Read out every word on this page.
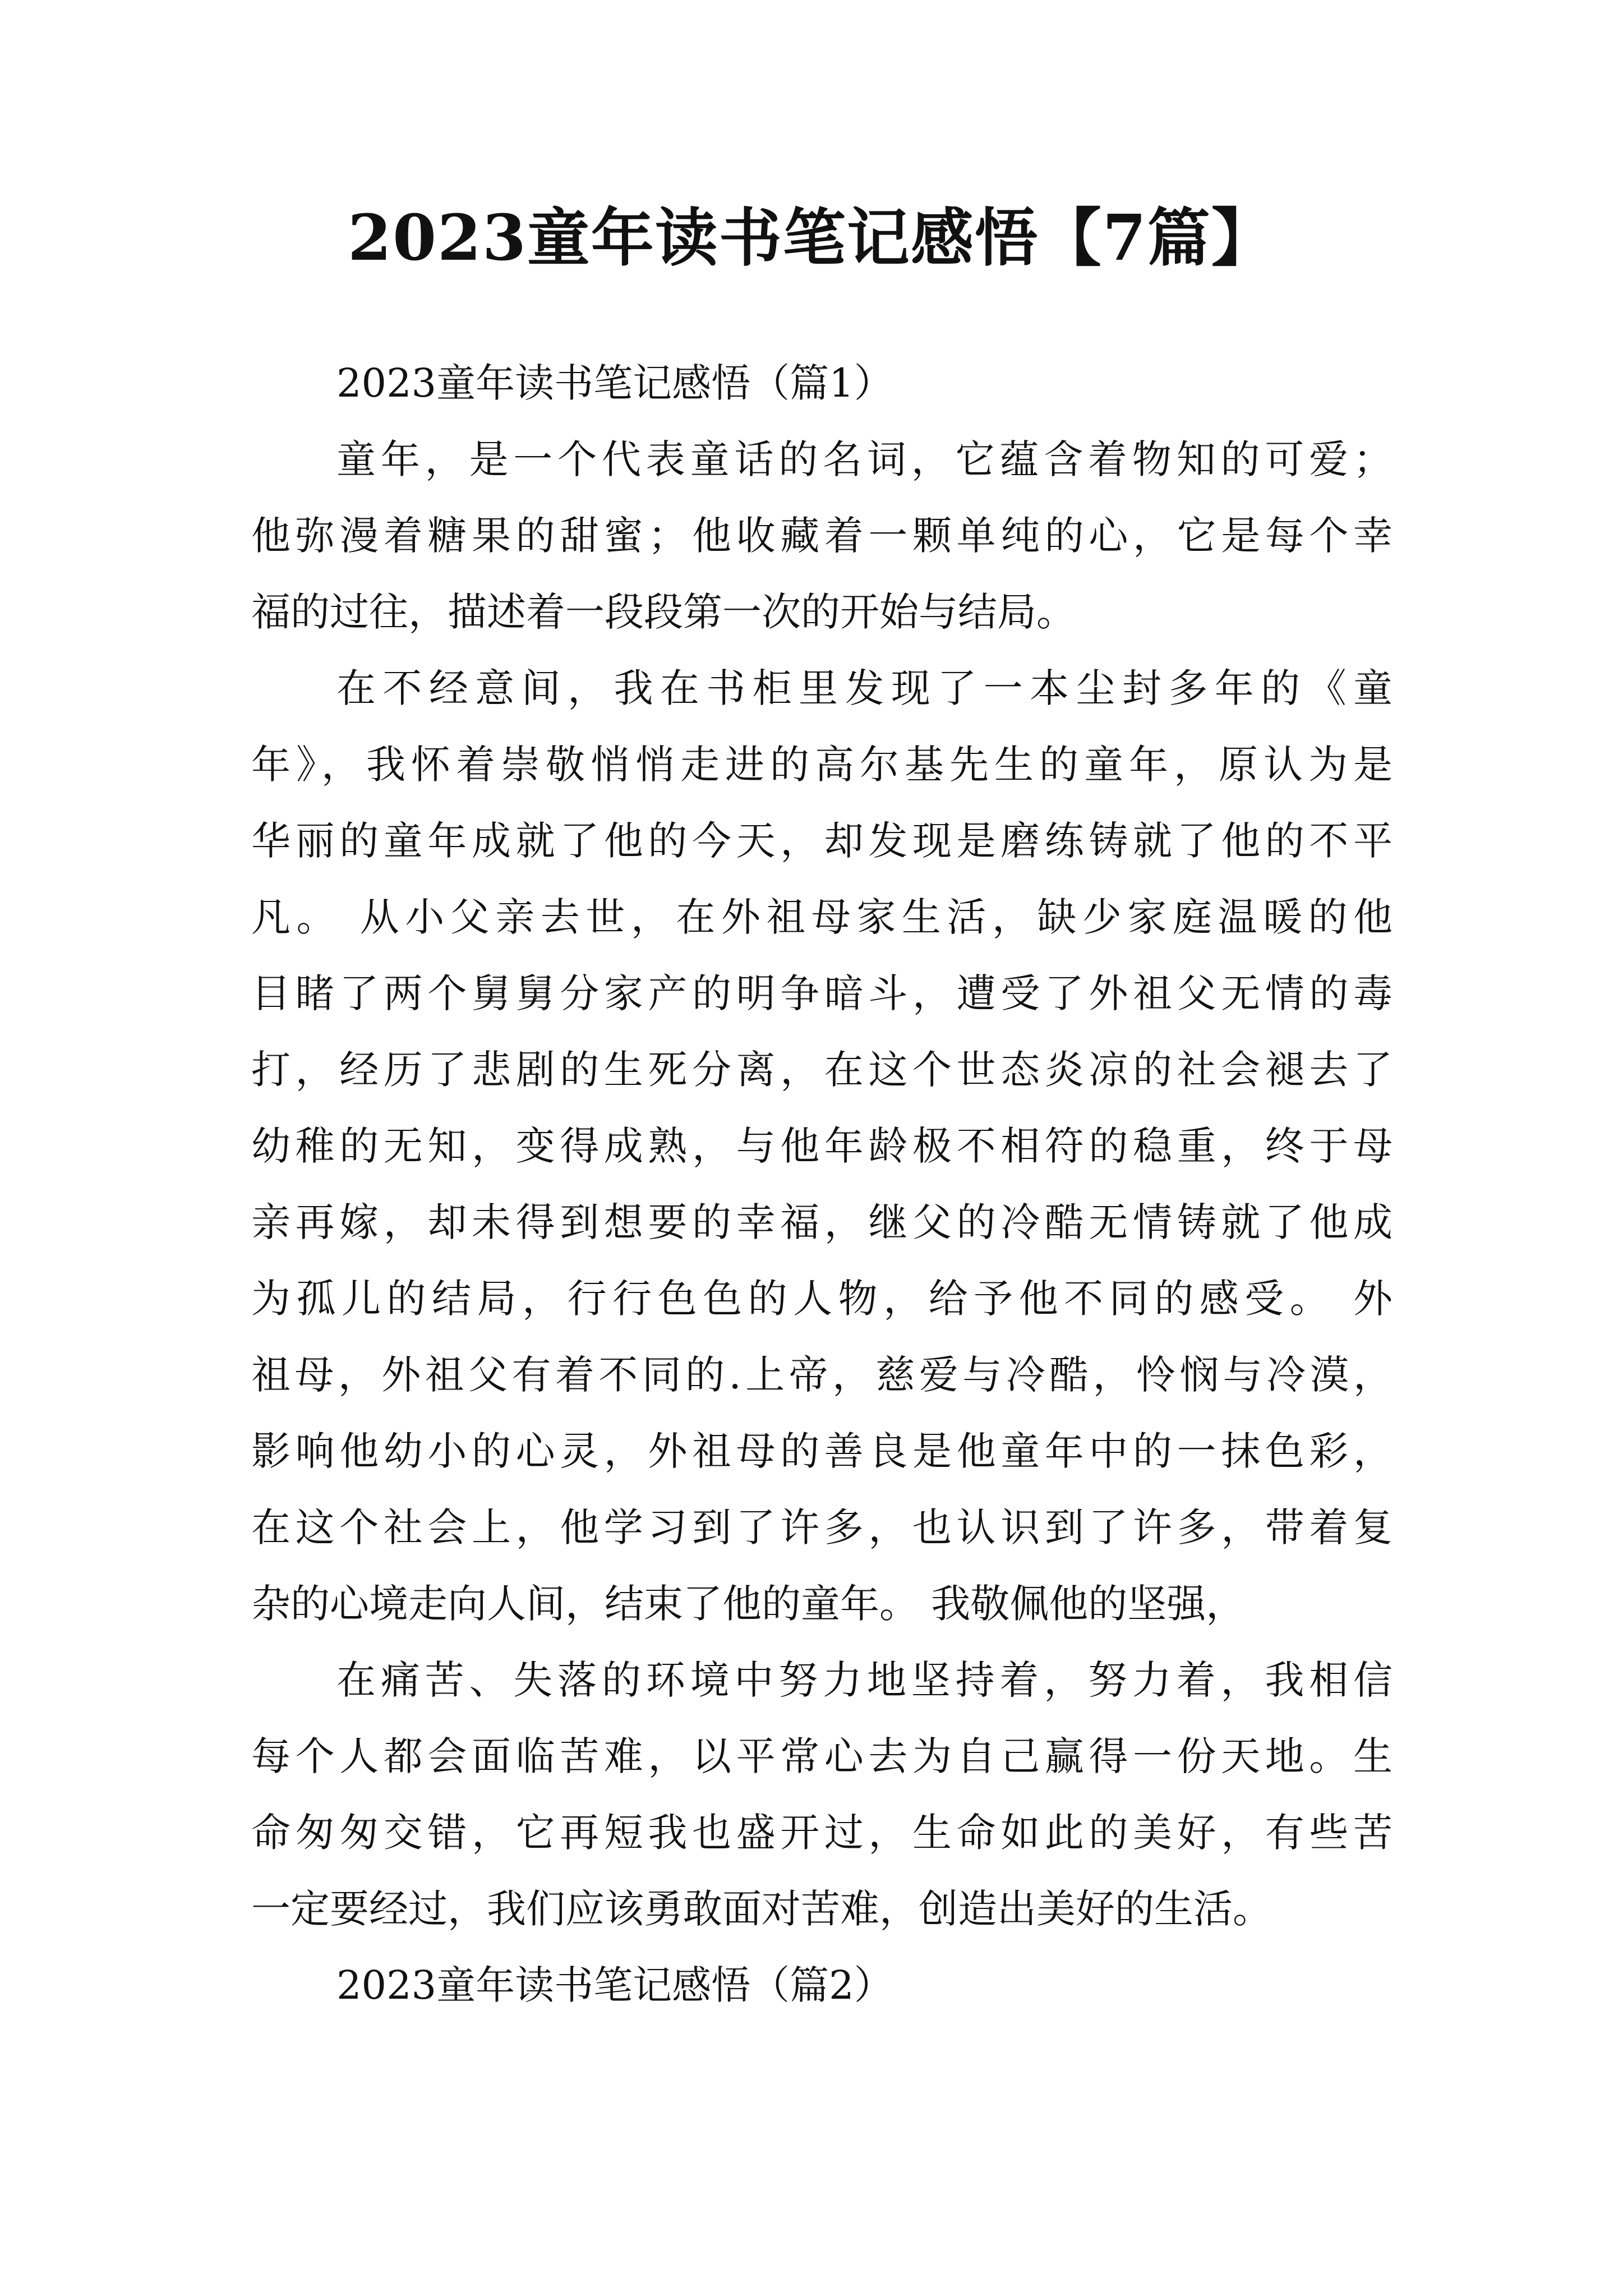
2023童年读书笔记感悟【7篇】
2023童年读书笔记感悟（篇1）
童年，是一个代表童话的名词，它蕴含着物知的可爱；
他弥漫着糖果的甜蜜；他收藏着一颗单纯的心，它是每个幸
福的过往，描述着一段段第一次的开始与结局。
在不经意间，我在书柜里发现了一本尘封多年的《童
年》，我怀着崇敬悄悄走进的高尔基先生的童年，原认为是
华丽的童年成就了他的今天，却发现是磨练铸就了他的不平
凡。 从小父亲去世，在外祖母家生活，缺少家庭温暖的他
目睹了两个舅舅分家产的明争暗斗，遭受了外祖父无情的毒
打，经历了悲剧的生死分离，在这个世态炎凉的社会褪去了
幼稚的无知，变得成熟，与他年龄极不相符的稳重，终于母
亲再嫁，却未得到想要的幸福，继父的冷酷无情铸就了他成
为孤儿的结局，行行色色的人物，给予他不同的感受。 外
祖母，外祖父有着不同的.上帝，慈爱与冷酷，怜悯与冷漠，
影响他幼小的心灵，外祖母的善良是他童年中的一抹色彩，
在这个社会上，他学习到了许多，也认识到了许多，带着复
杂的心境走向人间，结束了他的童年。 我敬佩他的坚强，
在痛苦、失落的环境中努力地坚持着，努力着，我相信
每个人都会面临苦难，以平常心去为自己赢得一份天地。生
命匆匆交错，它再短我也盛开过，生命如此的美好，有些苦
一定要经过，我们应该勇敢面对苦难，创造出美好的生活。
2023童年读书笔记感悟（篇2）
